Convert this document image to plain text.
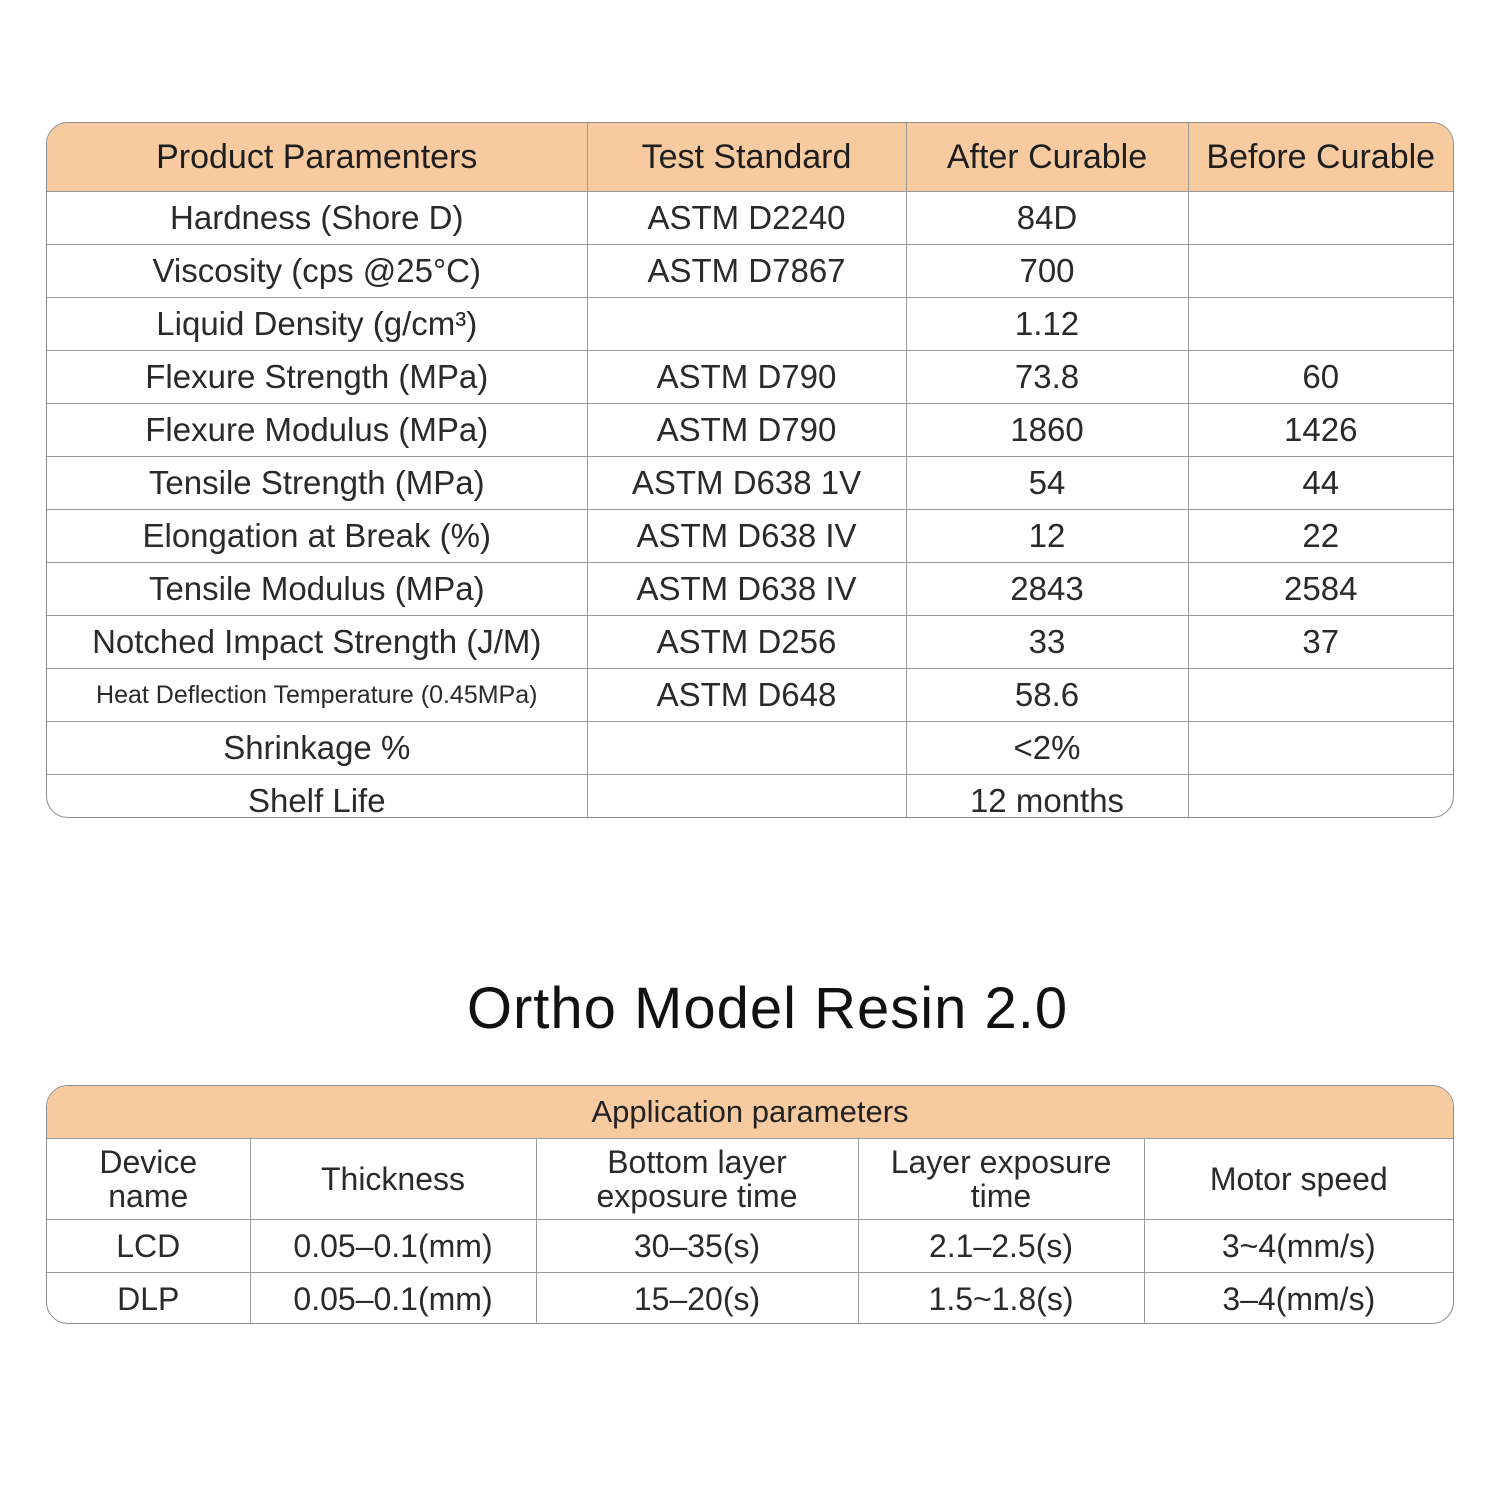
Product Paramenters	Test Standard	After Curable	Before Curable
Hardness (Shore D)	ASTM D2240	84D	
Viscosity (cps @25°C)	ASTM D7867	700	
Liquid Density (g/cm³)		1.12	
Flexure Strength (MPa)	ASTM D790	73.8	60
Flexure Modulus (MPa)	ASTM D790	1860	1426
Tensile Strength (MPa)	ASTM D638 1V	54	44
Elongation at Break (%)	ASTM D638 IV	12	22
Tensile Modulus (MPa)	ASTM D638 IV	2843	2584
Notched Impact Strength (J/M)	ASTM D256	33	37
Heat Deflection Temperature (0.45MPa)	ASTM D648	58.6	
Shrinkage %		<2%	
Shelf Life		12 months	
Ortho Model Resin 2.0
Application parameters				
Device name	Thickness	Bottom layer exposure time	Layer exposure time	Motor speed
LCD	0.05–0.1(mm)	30–35(s)	2.1–2.5(s)	3~4(mm/s)
DLP	0.05–0.1(mm)	15–20(s)	1.5~1.8(s)	3–4(mm/s)
